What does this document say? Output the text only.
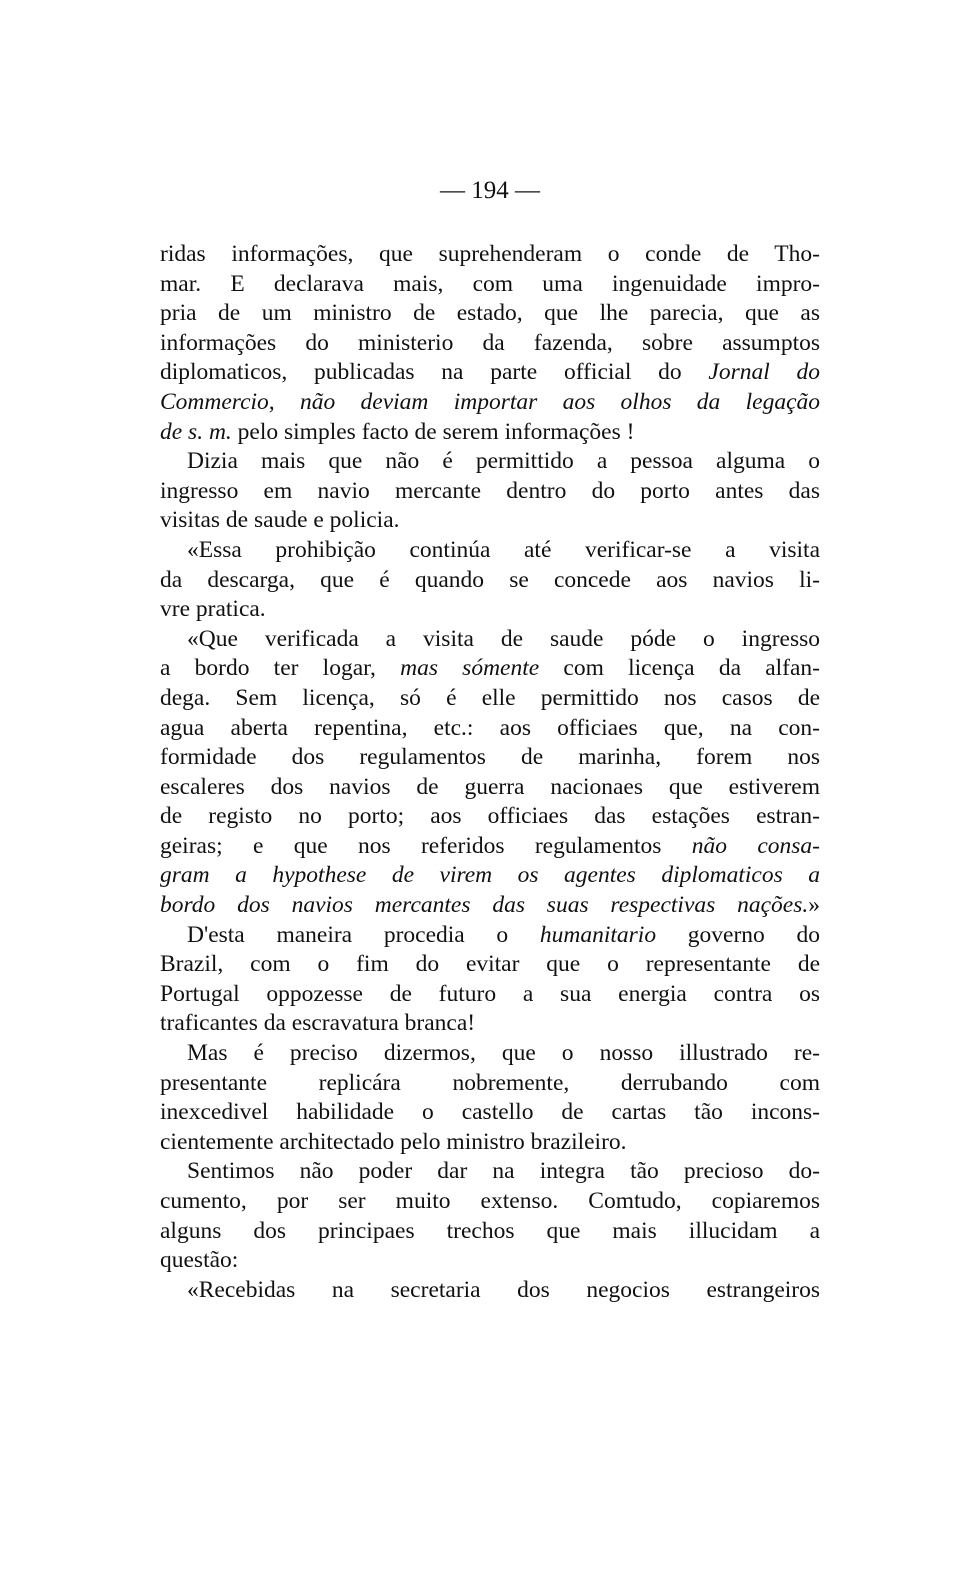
— 194 —
ridas informações, que suprehenderam o conde de Tho-
mar. E declarava mais, com uma ingenuidade impro-
pria de um ministro de estado, que lhe parecia, que as
informações do ministerio da fazenda, sobre assumptos
diplomaticos, publicadas na parte official do Jornal do
Commercio, não deviam importar aos olhos da legação
de s. m. pelo simples facto de serem informações !
Dizia mais que não é permittido a pessoa alguma o
ingresso em navio mercante dentro do porto antes das
visitas de saude e policia.
«Essa prohibição continúa até verificar-se a visita
da descarga, que é quando se concede aos navios li-
vre pratica.
«Que verificada a visita de saude póde o ingresso
a bordo ter logar, mas sómente com licença da alfan-
dega. Sem licença, só é elle permittido nos casos de
agua aberta repentina, etc.: aos officiaes que, na con-
formidade dos regulamentos de marinha, forem nos
escaleres dos navios de guerra nacionaes que estiverem
de registo no porto; aos officiaes das estações estran-
geiras; e que nos referidos regulamentos não consa-
gram a hypothese de virem os agentes diplomaticos a
bordo dos navios mercantes das suas respectivas nações.»
D'esta maneira procedia o humanitario governo do
Brazil, com o fim do evitar que o representante de
Portugal oppozesse de futuro a sua energia contra os
traficantes da escravatura branca!
Mas é preciso dizermos, que o nosso illustrado re-
presentante replicára nobremente, derrubando com
inexcedivel habilidade o castello de cartas tão incons-
cientemente architectado pelo ministro brazileiro.
Sentimos não poder dar na integra tão precioso do-
cumento, por ser muito extenso. Comtudo, copiaremos
alguns dos principaes trechos que mais illucidam a
questão:
«Recebidas na secretaria dos negocios estrangeiros
